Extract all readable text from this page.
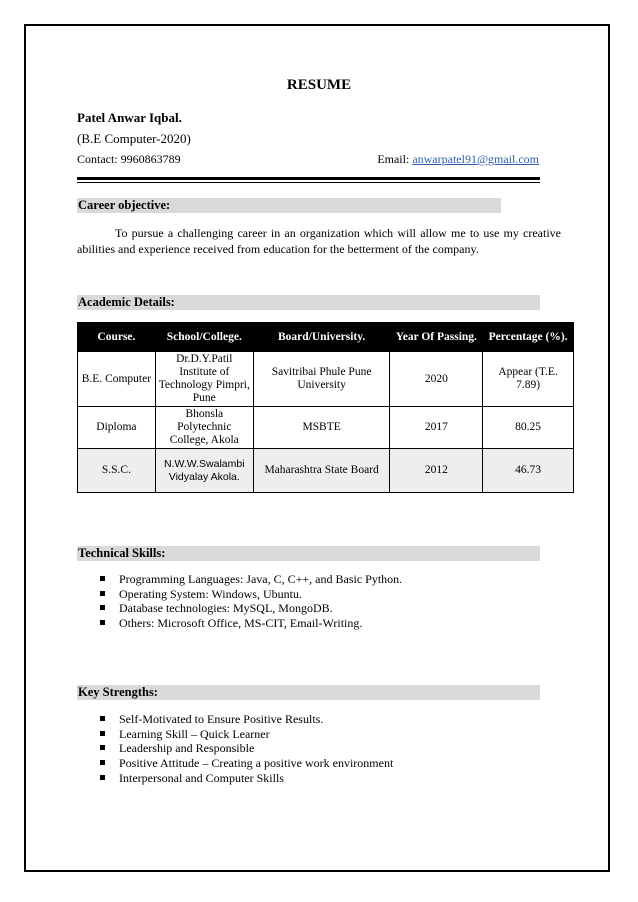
RESUME
Patel Anwar Iqbal.
(B.E Computer-2020)
Contact: 9960863789	Email: anwarpatel91@gmail.com
Career objective:
To pursue a challenging career in an organization which will allow me to use my creative abilities and experience received from education for the betterment of the company.
Academic Details:
Course.	School/College.	Board/University.	Year Of Passing.	Percentage (%).
B.E. Computer	Dr.D.Y.Patil Institute of Technology Pimpri, Pune	Savitribai Phule Pune University	2020	Appear (T.E. 7.89)
Diploma	Bhonsla Polytechnic College, Akola	MSBTE	2017	80.25
S.S.C.	N.W.W.Swalambi Vidyalay Akola.	Maharashtra State Board	2012	46.73
Technical Skills:
Programming Languages: Java, C, C++, and Basic Python.
Operating System: Windows, Ubuntu.
Database technologies: MySQL, MongoDB.
Others: Microsoft Office, MS-CIT, Email-Writing.
Key Strengths:
Self-Motivated to Ensure Positive Results.
Learning Skill – Quick Learner
Leadership and Responsible
Positive Attitude – Creating a positive work environment
Interpersonal and Computer Skills
